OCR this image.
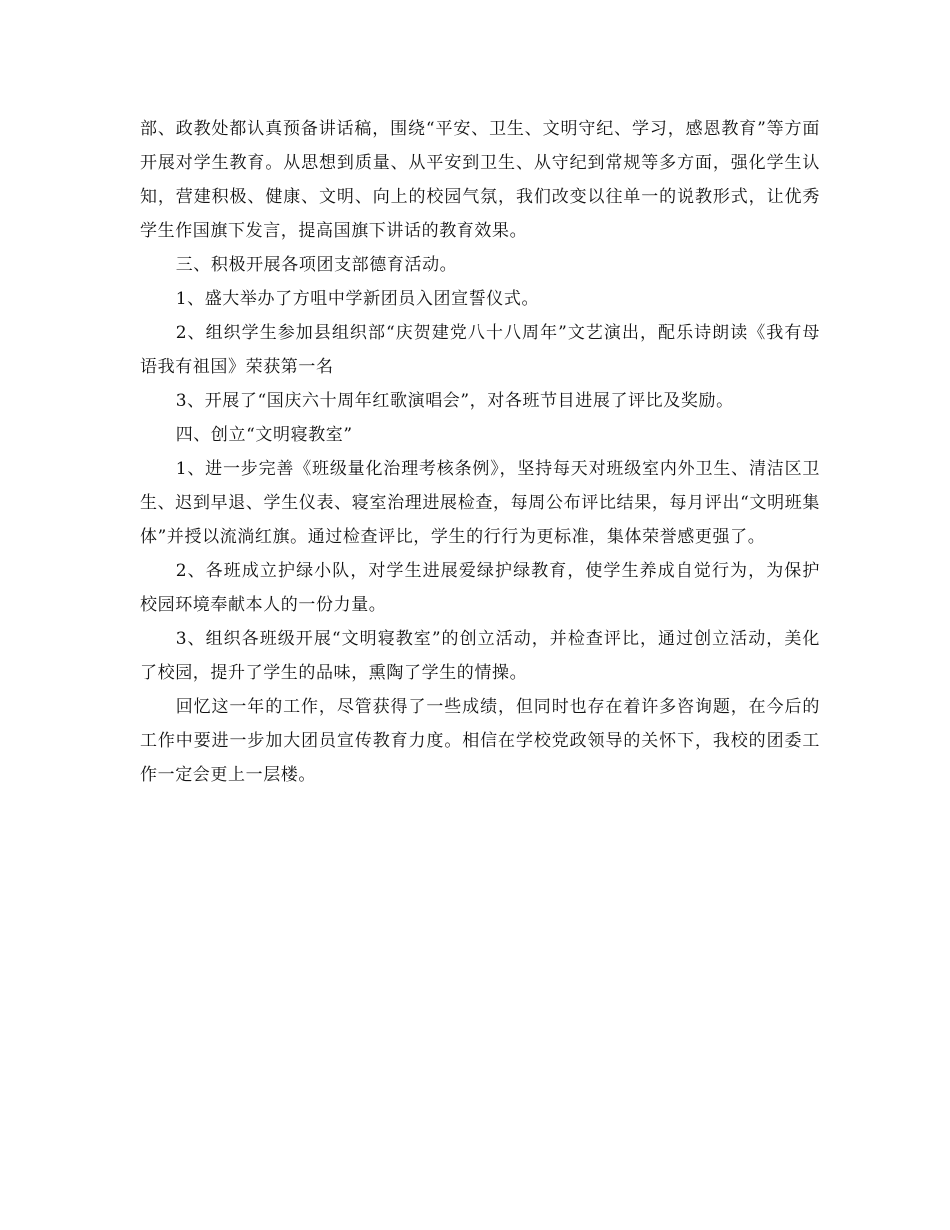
部、政教处都认真预备讲话稿，围绕“平安、卫生、文明守纪、学习，感恩教育”等方面开展对学生教育。从思想到质量、从平安到卫生、从守纪到常规等多方面，强化学生认知，营建积极、健康、文明、向上的校园气氛，我们改变以往单一的说教形式，让优秀学生作国旗下发言，提高国旗下讲话的教育效果。

三、积极开展各项团支部德育活动。

1、盛大举办了方咀中学新团员入团宣誓仪式。

2、组织学生参加县组织部“庆贺建党八十八周年”文艺演出，配乐诗朗读《我有母语我有祖国》荣获第一名

3、开展了“国庆六十周年红歌演唱会”，对各班节目进展了评比及奖励。

四、创立“文明寝教室”

1、进一步完善《班级量化治理考核条例》，坚持每天对班级室内外卫生、清洁区卫生、迟到早退、学生仪表、寝室治理进展检查，每周公布评比结果，每月评出“文明班集体”并授以流淌红旗。通过检查评比，学生的行行为更标准，集体荣誉感更强了。

2、各班成立护绿小队，对学生进展爱绿护绿教育，使学生养成自觉行为，为保护校园环境奉献本人的一份力量。

3、组织各班级开展“文明寝教室”的创立活动，并检查评比，通过创立活动，美化了校园，提升了学生的品味，熏陶了学生的情操。

回忆这一年的工作，尽管获得了一些成绩，但同时也存在着许多咨询题，在今后的工作中要进一步加大团员宣传教育力度。相信在学校党政领导的关怀下，我校的团委工作一定会更上一层楼。
